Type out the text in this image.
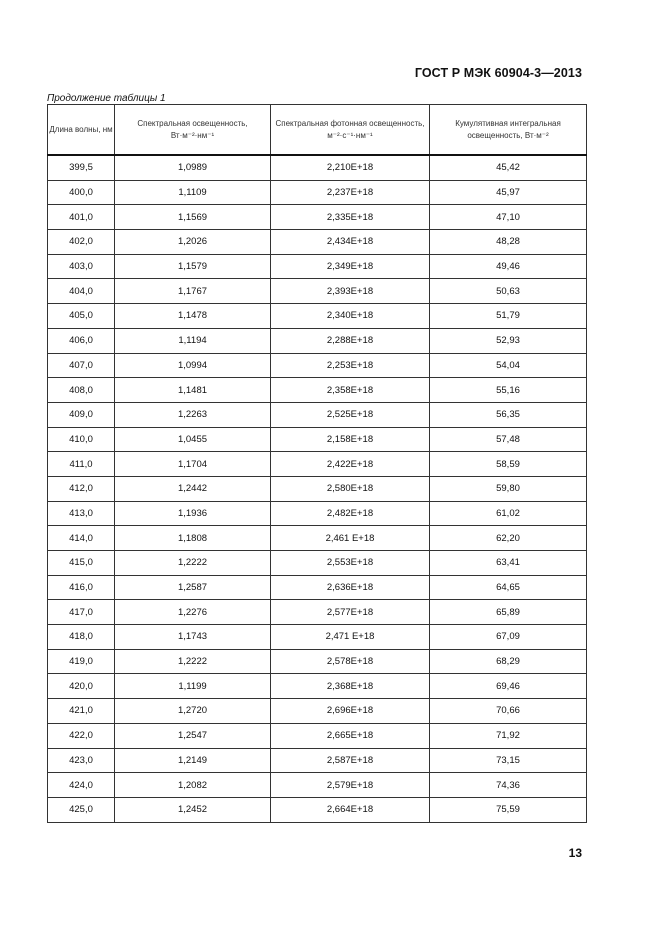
ГОСТ Р МЭК 60904-3—2013
Продолжение таблицы 1
Длина волны, нм	Спектральная освещенность, Вт·м⁻²·нм⁻¹	Спектральная фотонная освещенность, м⁻²·с⁻¹·нм⁻¹	Кумулятивная интегральная освещенность, Вт·м⁻²
399,5	1,0989	2,210E+18	45,42
400,0	1,1109	2,237E+18	45,97
401,0	1,1569	2,335E+18	47,10
402,0	1,2026	2,434E+18	48,28
403,0	1,1579	2,349E+18	49,46
404,0	1,1767	2,393E+18	50,63
405,0	1,1478	2,340E+18	51,79
406,0	1,1194	2,288E+18	52,93
407,0	1,0994	2,253E+18	54,04
408,0	1,1481	2,358E+18	55,16
409,0	1,2263	2,525E+18	56,35
410,0	1,0455	2,158E+18	57,48
411,0	1,1704	2,422E+18	58,59
412,0	1,2442	2,580E+18	59,80
413,0	1,1936	2,482E+18	61,02
414,0	1,1808	2,461 E+18	62,20
415,0	1,2222	2,553E+18	63,41
416,0	1,2587	2,636E+18	64,65
417,0	1,2276	2,577E+18	65,89
418,0	1,1743	2,471 E+18	67,09
419,0	1,2222	2,578E+18	68,29
420,0	1,1199	2,368E+18	69,46
421,0	1,2720	2,696E+18	70,66
422,0	1,2547	2,665E+18	71,92
423,0	1,2149	2,587E+18	73,15
424,0	1,2082	2,579E+18	74,36
425,0	1,2452	2,664E+18	75,59
13
